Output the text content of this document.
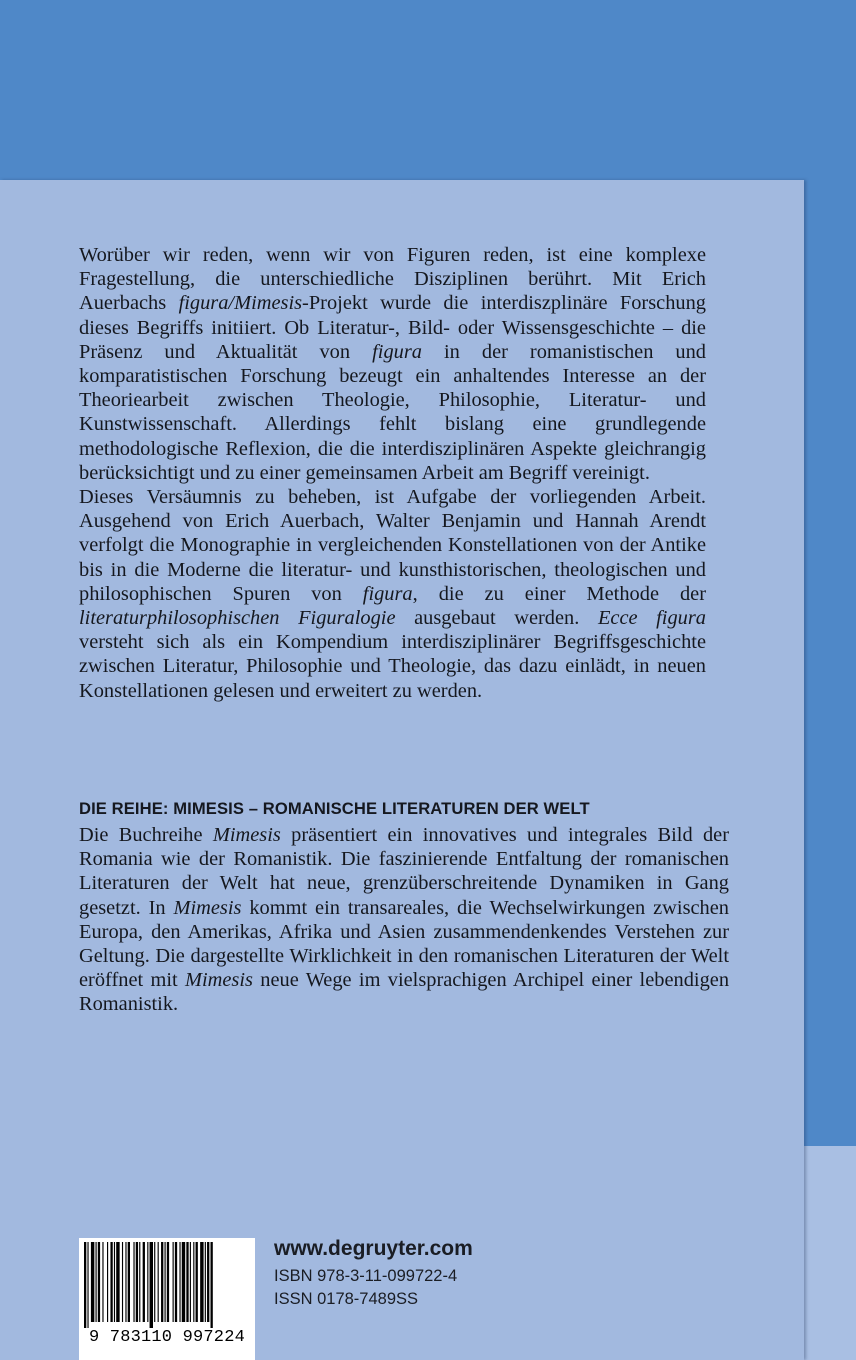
Worüber wir reden, wenn wir von Figuren reden, ist eine komplexe Fragestellung, die unterschiedliche Disziplinen berührt. Mit Erich Auerbachs figura/Mimesis-Projekt wurde die interdiszplinäre Forschung dieses Begriffs initiiert. Ob Literatur-, Bild- oder Wissensgeschichte – die Präsenz und Aktualität von figura in der romanistischen und komparatistischen Forschung bezeugt ein anhaltendes Interesse an der Theoriearbeit zwischen Theologie, Philosophie, Literatur- und Kunstwissenschaft. Allerdings fehlt bislang eine grundlegende methodologische Reflexion, die die interdisziplinären Aspekte gleichrangig berücksichtigt und zu einer gemeinsamen Arbeit am Begriff vereinigt.

Dieses Versäumnis zu beheben, ist Aufgabe der vorliegenden Arbeit. Ausgehend von Erich Auerbach, Walter Benjamin und Hannah Arendt verfolgt die Monographie in vergleichenden Konstellationen von der Antike bis in die Moderne die literatur- und kunsthistorischen, theologischen und philosophischen Spuren von figura, die zu einer Methode der literaturphilosophischen Figuralogie ausgebaut werden. Ecce figura versteht sich als ein Kompendium interdisziplinärer Begriffsgeschichte zwischen Literatur, Philosophie und Theologie, das dazu einlädt, in neuen Konstellationen gelesen und erweitert zu werden.

DIE REIHE: MIMESIS – ROMANISCHE LITERATUREN DER WELT

Die Buchreihe Mimesis präsentiert ein innovatives und integrales Bild der Romania wie der Romanistik. Die faszinierende Entfaltung der romanischen Literaturen der Welt hat neue, grenzüberschreitende Dynamiken in Gang gesetzt. In Mimesis kommt ein transareales, die Wechselwirkungen zwischen Europa, den Amerikas, Afrika und Asien zusammendenkendes Verstehen zur Geltung. Die dargestellte Wirklichkeit in den romanischen Literaturen der Welt eröffnet mit Mimesis neue Wege im vielsprachigen Archipel einer lebendigen Romanistik.

9 783110 997224

www.degruyter.com

ISBN 978-3-11-099722-4

ISSN 0178-7489SS
